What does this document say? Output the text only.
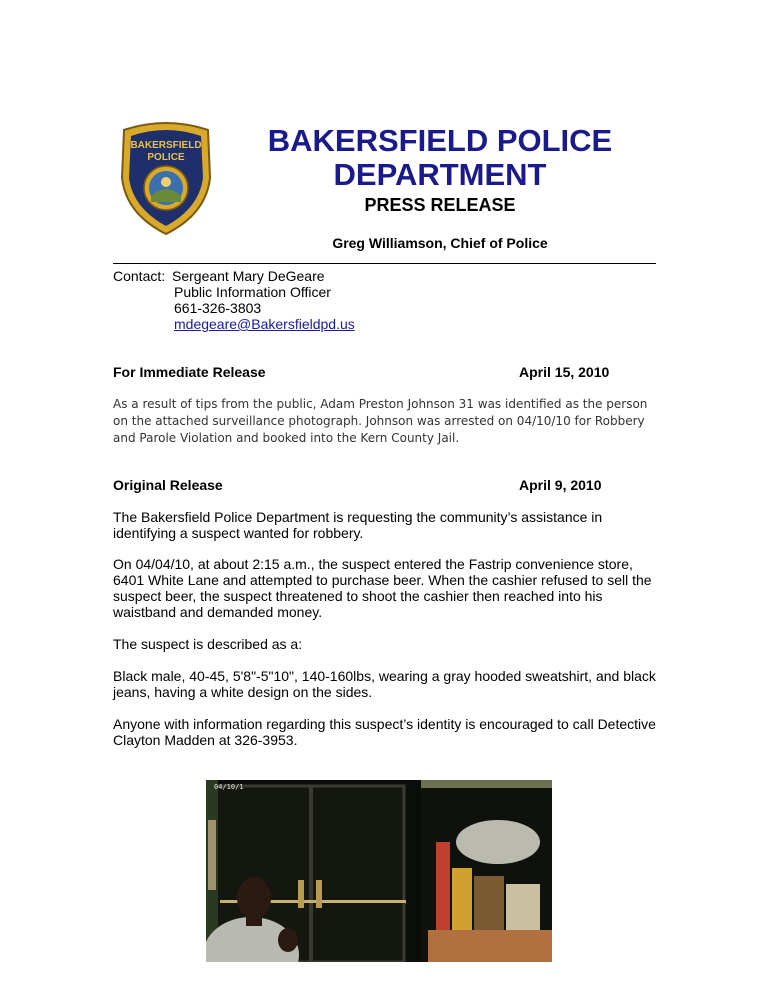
BAKERSFIELD
POLICE	BAKERSFIELD POLICE
DEPARTMENT
PRESS RELEASE
Greg Williamson, Chief of Police
Contact: Sergeant Mary DeGeare
Public Information Officer
661-326-3803
mdegeare@Bakersfieldpd.us
For Immediate Release	April 15, 2010
As a result of tips from the public, Adam Preston Johnson 31 was identified as the person on the attached surveillance photograph. Johnson was arrested on 04/10/10 for Robbery and Parole Violation and booked into the Kern County Jail.
Original Release	April 9, 2010
The Bakersfield Police Department is requesting the community’s assistance in identifying a suspect wanted for robbery.
On 04/04/10, at about 2:15 a.m., the suspect entered the Fastrip convenience store, 6401 White Lane and attempted to purchase beer. When the cashier refused to sell the suspect beer, the suspect threatened to shoot the cashier then reached into his waistband and demanded money.
The suspect is described as a:
Black male, 40-45, 5'8"-5"10", 140-160lbs, wearing a gray hooded sweatshirt, and black jeans, having a white design on the sides.
Anyone with information regarding this suspect’s identity is encouraged to call Detective Clayton Madden at 326-3953.
04/10/1
